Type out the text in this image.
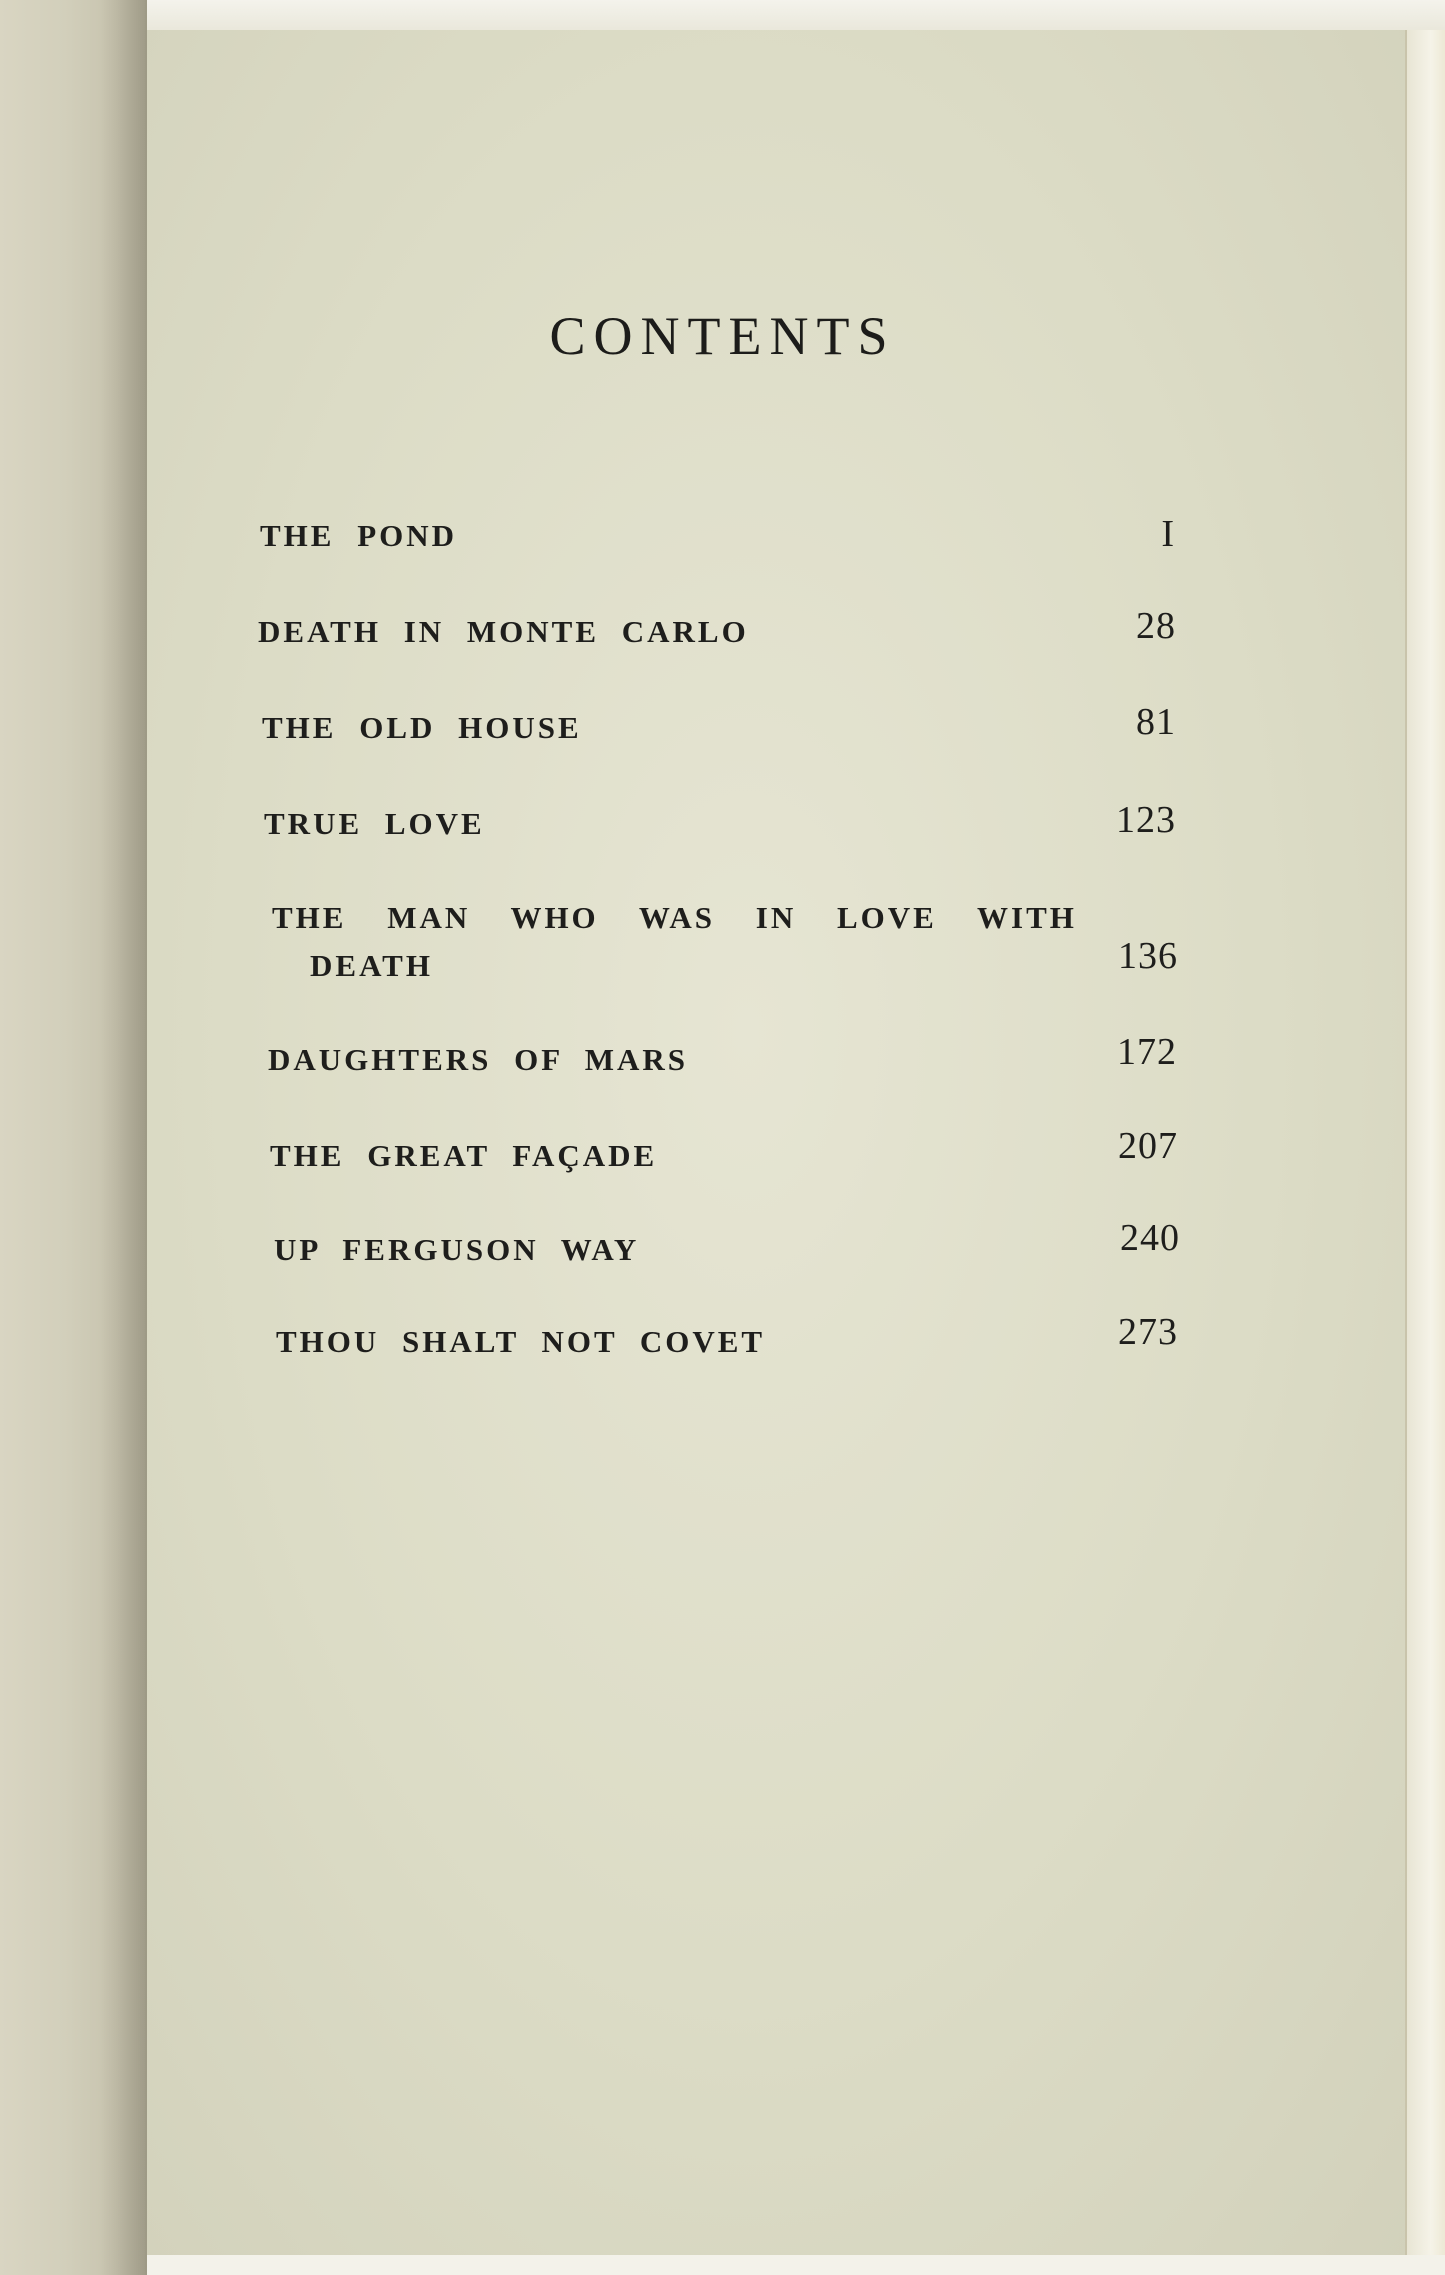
CONTENTS
THE POND	I
DEATH IN MONTE CARLO	28
THE OLD HOUSE	81
TRUE LOVE	123
THE MAN WHO WAS IN LOVE WITH
DEATH	136
DAUGHTERS OF MARS	172
THE GREAT FAÇADE	207
UP FERGUSON WAY	240
THOU SHALT NOT COVET	273
